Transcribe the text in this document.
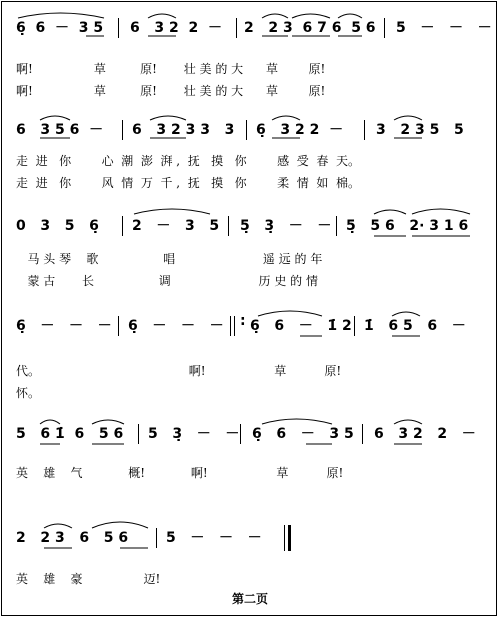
6̣  6  －  3 5 6   3 2  2  － 2   2 3  6 7 6  5 6 5   －   －   －
啊!                草         原!       壮 美 的 大      草        原!
啊!                草         原!       壮 美 的 大      草        原!
6   3 5 6  － 6   3 2 3 3   3 6̣   3 2 2  － 3   2 3 5   5
走  进   你        心  潮  澎  湃 ,  抚   摸   你        感  受  春  天。
走  进   你        风  情  万  千 ,  抚   摸   你        柔  情  如  棉。
0   3   5   6̣ 2   －   3   5 5̣   3̣   －   － 5̣   5 6   2· 3 1 6
马 头 琴    歌                 唱                       遥 远 的 年
蒙 古       长                 调                       历 史 的 情
6̣   －   －   － 6̣   －   －   － : 6̣   6   －   1̇ 2 1̇   6 5   6   －
代。                                       啊!                  草          原!
怀。
5   6 1̇  6   5 6 5   3̣   －   － 6̣   6   －   3 5 6   3 2   2   －
英    雄    气            概!            啊!                  草          原!
2   2 3   6   5 6	5   －   －   －
英    雄    豪                迈!
第二页
